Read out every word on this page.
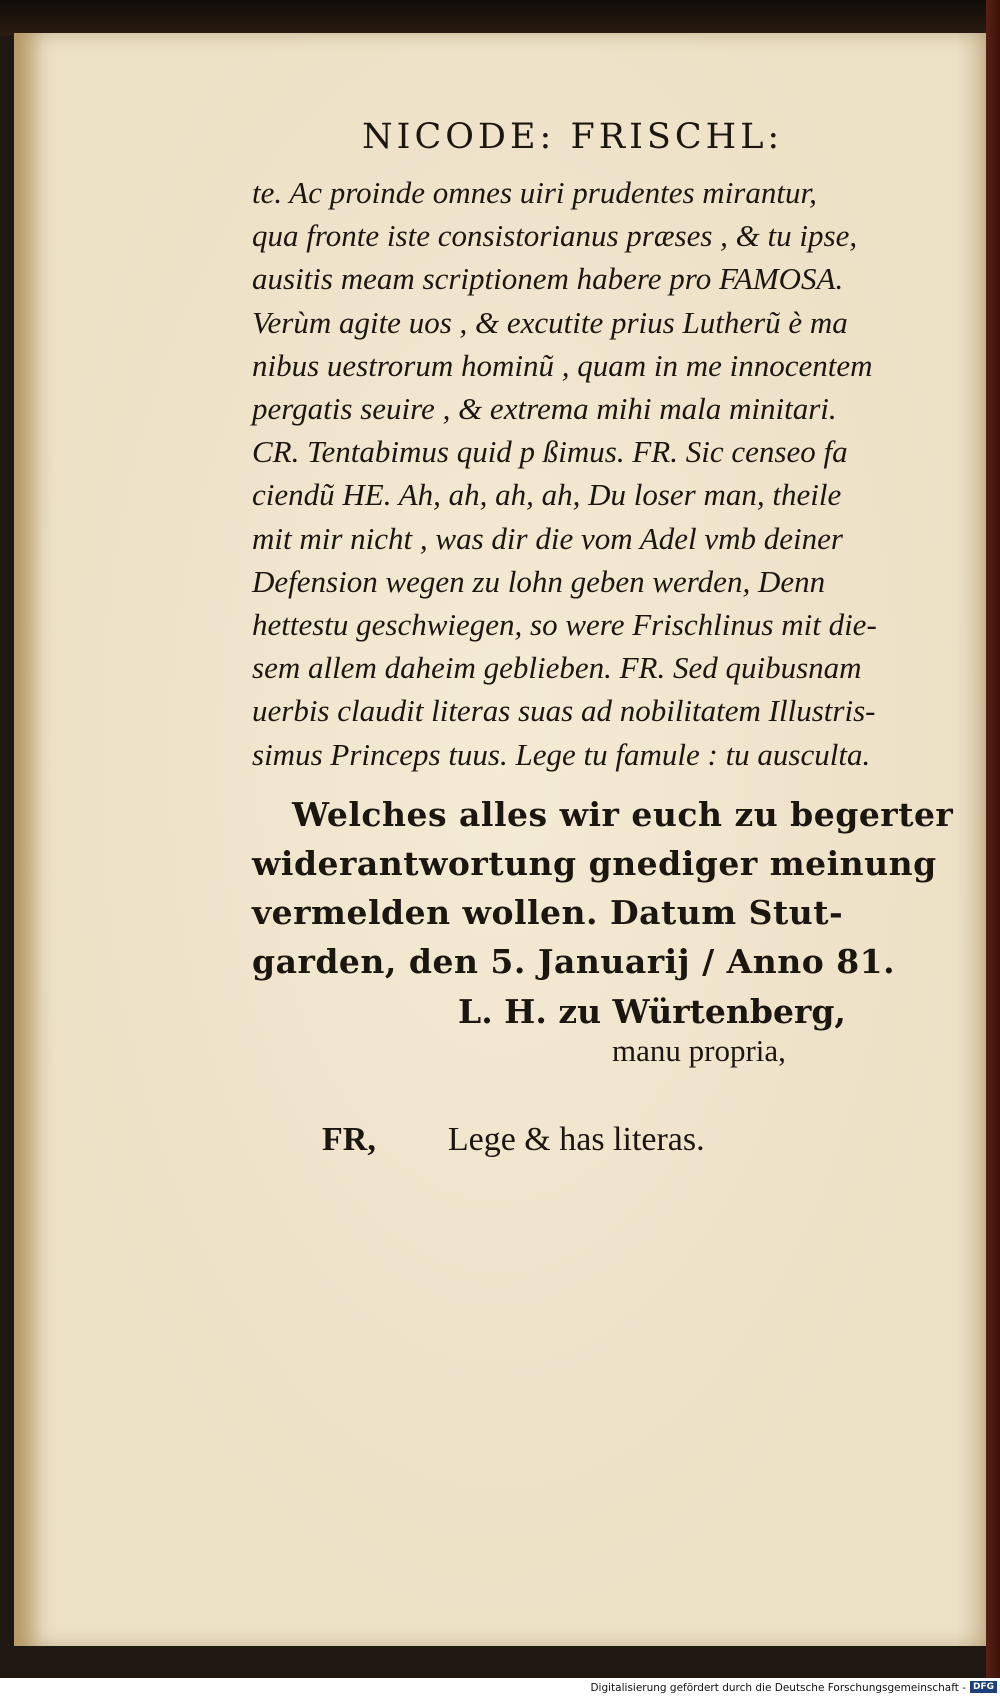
NICODE: FRISCHL:

te. Ac proinde omnes uiri prudentes mirantur,

qua fronte iste consistorianus præses , & tu ipse,

ausitis meam scriptionem habere pro FAMOSA.

Verùm agite uos , & excutite prius Lutherũ è ma

nibus uestrorum hominũ , quam in me innocentem

pergatis seuire , & extrema mihi mala minitari.

CR. Tentabimus quid p ßimus. FR. Sic censeo fa

ciendũ HE. Ah, ah, ah, ah, Du loser man, theile

mit mir nicht , was dir die vom Adel vmb deiner

Defension wegen zu lohn geben werden, Denn

hettestu geschwiegen, so were Frischlinus mit die-

sem allem daheim geblieben. FR. Sed quibusnam

uerbis claudit literas suas ad nobilitatem Illustris-

simus Princeps tuus. Lege tu famule : tu ausculta.

Welches alles wir euch zu begerter
widerantwortung gnediger meinung
vermelden wollen. Datum Stut-
garden, den 5. Januarij / Anno 81.
L. H. zu Würtenberg,
manu propria,
FR, Lege & has literas.
Digitalisierung gefördert durch die Deutsche Forschungsgemeinschaft - DFG
